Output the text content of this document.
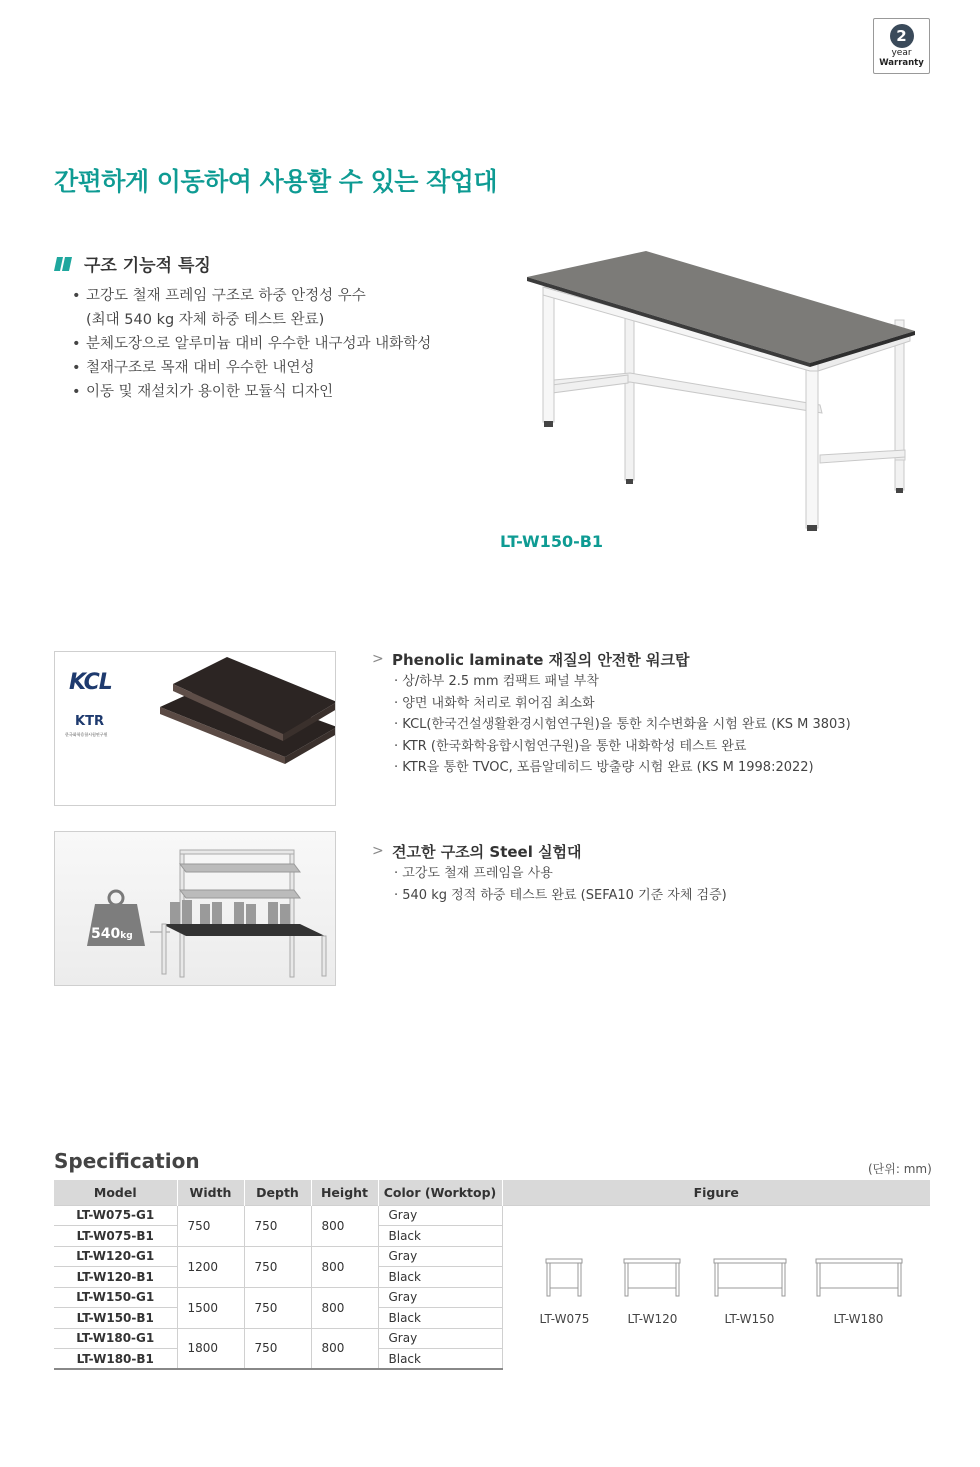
2
year
Warranty
간편하게 이동하여 사용할 수 있는 작업대
구조 기능적 특징
• 고강도 철재 프레임 구조로 하중 안정성 우수
(최대 540 kg 자체 하중 테스트 완료)
• 분체도장으로 알루미늄 대비 우수한 내구성과 내화학성
• 철재구조로 목재 대비 우수한 내연성
• 이동 및 재설치가 용이한 모듈식 디자인
LT-W150-B1
KCL
KTR
한국화학융합시험연구원
540kg
> Phenolic laminate 재질의 안전한 워크탑
· 상/하부 2.5 mm 컴팩트 패널 부착
· 양면 내화학 처리로 휘어짐 최소화
· KCL(한국건설생활환경시험연구원)을 통한 치수변화율 시험 완료 (KS M 3803)
· KTR (한국화학융합시험연구원)을 통한 내화학성 테스트 완료
· KTR을 통한 TVOC, 포름알데히드 방출량 시험 완료 (KS M 1998:2022)
> 견고한 구조의 Steel 실험대
· 고강도 철재 프레임을 사용
· 540 kg 정적 하중 테스트 완료 (SEFA10 기준 자체 검증)
Specification	(단위: mm)
Model	Width	Depth	Height	Color (Worktop)	Figure
LT-W075-G1	750	750	800	Gray	LT-W075 LT-W120 LT-W150 LT-W180

LT-W075-B1				Black	
LT-W120-G1	1200	750	800	Gray	
LT-W120-B1				Black	
LT-W150-G1	1500	750	800	Gray	
LT-W150-B1				Black	
LT-W180-G1	1800	750	800	Gray	
LT-W180-B1				Black	
